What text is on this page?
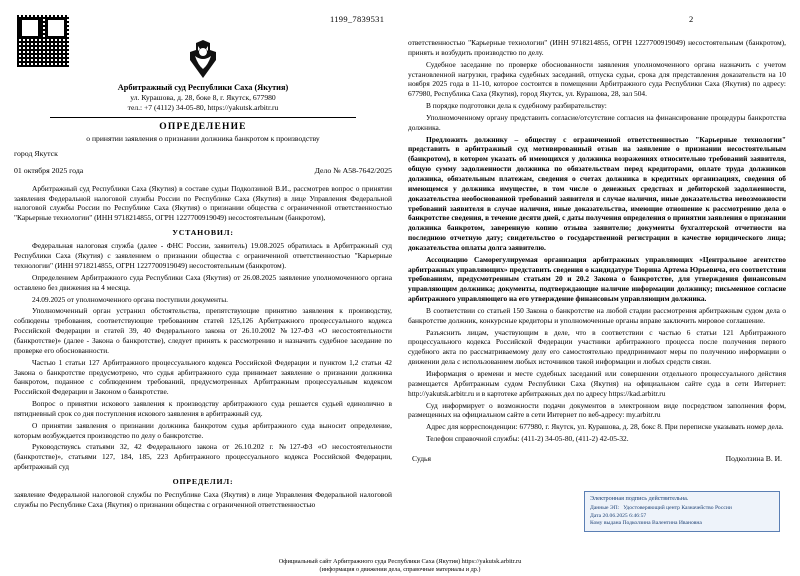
1199_7839531	2
Арбитражный суд Республики Саха (Якутия)
ул. Курашова, д. 28, боке 8, г. Якутск, 677980
тел.: +7 (4112) 34-05-80, https://yakutsk.arbitr.ru
ОПРЕДЕЛЕНИЕ
о принятии заявления о признании должника банкротом к производству
город Якутск
01 октября 2025 года	Дело № А58-7642/2025

Арбитражный суд Республики Саха (Якутия) в составе судьи Подколзиной В.И., рассмотрев вопрос о принятии заявления Федеральной налоговой службы России по Республике Саха (Якутия) в лице Управления Федеральной налоговой службы России по Республике Саха (Якутия) о признании общества с ограниченной ответственностью "Карьерные технологии" (ИНН 9718214855, ОГРН 1227700919049) несостоятельным (банкротом),

УСТАНОВИЛ:

Федеральная налоговая служба (далее - ФНС России, заявитель) 19.08.2025 обратилась в Арбитражный суд Республики Саха (Якутия) с заявлением о признании общества с ограниченной ответственностью "Карьерные технологии" (ИНН 9718214855, ОГРН 1227700919049) несостоятельным (банкротом).

Определением Арбитражного суда Республики Саха (Якутия) от 26.08.2025 заявление уполномоченного органа оставлено без движения на 4 месяца.

24.09.2025 от уполномоченного органа поступили документы.

Уполномоченный орган устранил обстоятельства, препятствующие принятию заявления к производству, соблюдены требования, соответствующие требованиям статей 125,126 Арбитражного процессуального кодекса Российской Федерации и статей 39, 40 Федерального закона от 26.10.2002 №127-ФЗ «О несостоятельности (банкротстве)» (далее - Закона о банкротстве), следует принять к рассмотрению и назначить судебное заседание по проверке его обоснованности.

Частью 1 статьи 127 Арбитражного процессуального кодекса Российской Федерации и пунктом 1,2 статьи 42 Закона о банкротстве предусмотрено, что судья арбитражного суда принимает заявление о признании должника банкротом, поданное с соблюдением требований, предусмотренных Арбитражным процессуальным кодексом Российской Федерации и Законом о банкротстве.

Вопрос о принятии искового заявления к производству арбитражного суда решается судьей единолично в пятидневный срок со дня поступления искового заявления в арбитражный суд.

О принятии заявления о признании должника банкротом судья арбитражного суда выносит определение, которым возбуждается производство по делу о банкротстве.

Руководствуясь статьями 32, 42 Федерального закона от 26.10.202 г. №127-ФЗ «О несостоятельности (банкротстве)», статьями 127, 184, 185, 223 Арбитражного процессуального кодекса Российской Федерации, арбитражный суд

ОПРЕДЕЛИЛ:

заявление Федеральной налоговой службы по Республике Саха (Якутия) в лице Управления Федеральной налоговой службы по Республике Саха (Якутия) о признании общества с ограниченной ответственностью

ответственностью "Карьерные технологии" (ИНН 9718214855, ОГРН 1227700919049) несостоятельным (банкротом), принять и возбудить производство по делу.

Судебное заседание по проверке обоснованности заявления уполномоченного органа назначить с учетом установленной нагрузки, графика судебных заседаний, отпуска судьи, срока для представления доказательств на 10 ноября 2025 года в 11-10, которое состоится в помещении Арбитражного суда Республики Саха (Якутия) по адресу: 677980, Республика Саха (Якутия), город Якутск, ул. Курашова, 28, зал 504.

В порядке подготовки дела к судебному разбирательству:

Уполномоченному органу представить согласие/отсутствие согласия на финансирование процедуры банкротства должника.

Предложить должнику – обществу с ограниченной ответственностью "Карьерные технологии" представить в арбитражный суд мотивированный отзыв на заявление о признании несостоятельным (банкротом), в котором указать об имеющихся у должника возражениях относительно требований заявителя, общую сумму задолженности должника по обязательствам перед кредиторами, оплате труда должников должника, обязательным платежам, сведения о счетах должника в кредитных организациях, сведения об имеющемся у должника имуществе, в том числе о денежных средствах и дебиторской задолженности, доказательства необоснованной требований заявителя и случае наличия, иные доказательства невозможности требований заявителя в случае наличия, иные доказательства, имеющие отношение к рассмотрению дела о банкротстве сведения, в течение десяти дней, с даты получения определения о принятии заявления о признании должника банкротом, заверенную копию отзыва заявителю; документы бухгалтерской отчетности на последнюю отчетную дату; свидетельство о государственной регистрации в качестве юридического лица; доказательства оплаты долга заявителю.

Ассоциацию Саморегулируемая организация арбитражных управляющих «Центральное агентство арбитражных управляющих» представить сведения о кандидатуре Тюрина Артема Юрьевича, его соответствии требованиям, предусмотренным статьям 20 и 20.2 Закона о банкротстве, для утверждения финансовым управляющим должника; документы, подтверждающие наличие информации должнику; письменное согласие арбитражного управляющего на его утверждение финансовым управляющим должника.

В соответствии со статьей 150 Закона о банкротстве на любой стадии рассмотрения арбитражным судом дела о банкротстве должник, конкурсные кредиторы и уполномоченные органы вправе заключить мировое соглашение.

Разъяснить лицам, участвующим в деле, что в соответствии с частью 6 статьи 121 Арбитражного процессуального кодекса Российской Федерации участники арбитражного процесса после получения первого судебного акта по рассматриваемому делу его самостоятельно предпринимают меры по получению информации о движении дела с использованием любых источников такой информации и любых средств связи.

Информация о времени и месте судебных заседаний или совершении отдельного процессуального действия размещается Арбитражным судом Республики Саха (Якутия) на официальном сайте суда в сети Интернет: http://yakutsk.arbitr.ru и в картотеке арбитражных дел по адресу https://kad.arbitr.ru

Суд информирует о возможности подачи документов в электронном виде посредством заполнения форм, размещенных на официальном сайте в сети Интернет по веб-адресу: my.arbitr.ru

Адрес для корреспонденции: 677980, г. Якутск, ул. Курашова, д. 28, бокс 8. При переписке указывать номер дела.

Телефон справочной службы: (411-2) 34-05-80, (411-2) 42-05-32.

Судья	Подколзина В. И.
Электронная подпись действительна.
Данные ЭП: Удостоверяющий центр Казначейство России
Дата 20.06.2025 6:46:57
Кому выдана Подколзина Валентина Ивановна
Официальный сайт Арбитражного суда Республики Саха (Якутия) https://yakutsk.arbitr.ru
(информация о движении дела, справочные материалы и др.)
